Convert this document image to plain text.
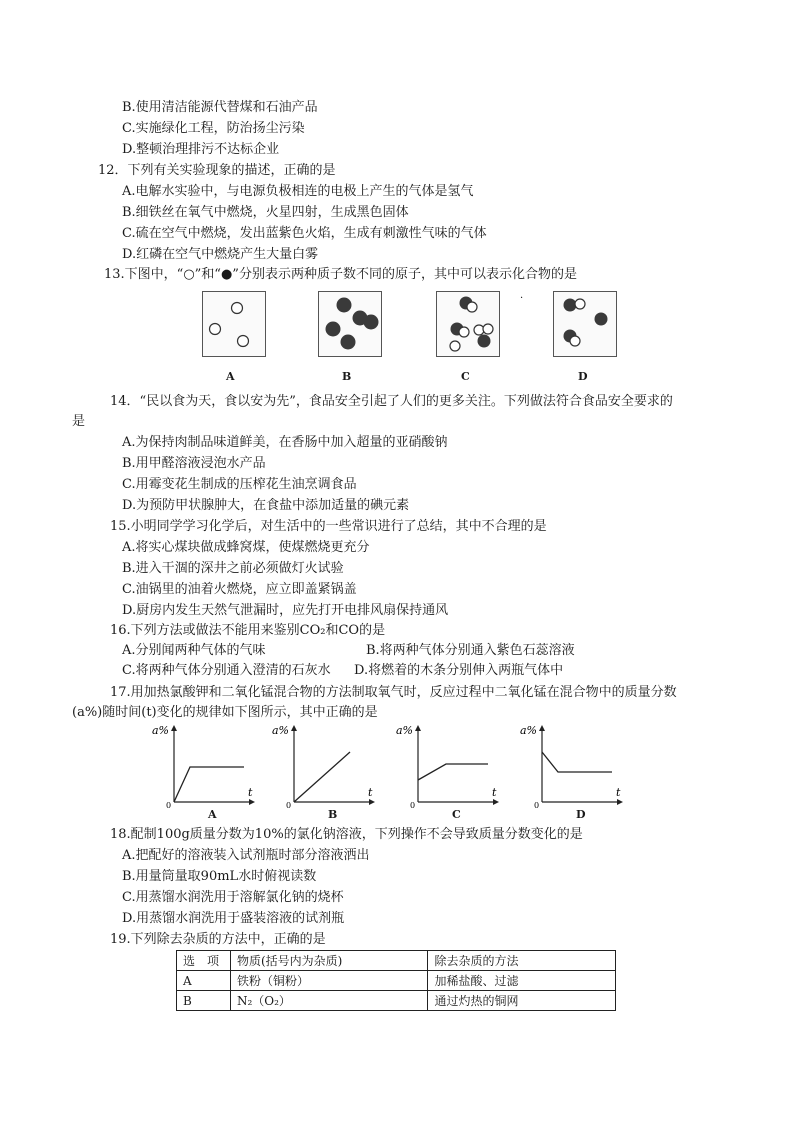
B.使用清洁能源代替煤和石油产品
C.实施绿化工程，防治扬尘污染
D.整顿治理排污不达标企业
12．下列有关实验现象的描述，正确的是
A.电解水实验中，与电源负极相连的电极上产生的气体是氢气
B.细铁丝在氧气中燃烧，火星四射，生成黑色固体
C.硫在空气中燃烧，发出蓝紫色火焰，生成有刺激性气味的气体
D.红磷在空气中燃烧产生大量白雾
13.下图中，“○”和“●”分别表示两种质子数不同的原子，其中可以表示化合物的是
·
A	B	C	D
14．“民以食为天，食以安为先”，食品安全引起了人们的更多关注。下列做法符合食品安全要求的
是
A.为保持肉制品味道鲜美，在香肠中加入超量的亚硝酸钠
B.用甲醛溶液浸泡水产品
C.用霉变花生制成的压榨花生油烹调食品
D.为预防甲状腺肿大，在食盐中添加适量的碘元素
15.小明同学学习化学后，对生活中的一些常识进行了总结，其中不合理的是
A.将实心煤块做成蜂窝煤，使煤燃烧更充分
B.进入干涸的深井之前必须做灯火试验
C.油锅里的油着火燃烧，应立即盖紧锅盖
D.厨房内发生天然气泄漏时，应先打开电排风扇保持通风
16.下列方法或做法不能用来鉴别CO₂和CO的是
A.分别闻两种气体的气味	B.将两种气体分别通入紫色石蕊溶液
C.将两种气体分别通入澄清的石灰水 D.将燃着的木条分别伸入两瓶气体中
17.用加热氯酸钾和二氧化锰混合物的方法制取氧气时，反应过程中二氧化锰在混合物中的质量分数
(a%)随时间(t)变化的规律如下图所示，其中正确的是
a%
0
t
a%
0
t
a%
0
t
a%
0
t
A	B	C	D
18.配制100g质量分数为10%的氯化钠溶液，下列操作不会导致质量分数变化的是
A.把配好的溶液装入试剂瓶时部分溶液洒出
B.用量筒量取90mL水时俯视读数
C.用蒸馏水润洗用于溶解氯化钠的烧杯
D.用蒸馏水润洗用于盛装溶液的试剂瓶
19.下列除去杂质的方法中，正确的是
选　项	物质(括号内为杂质)	除去杂质的方法
A	铁粉（铜粉）	加稀盐酸、过滤
B	N₂（O₂）	通过灼热的铜网
